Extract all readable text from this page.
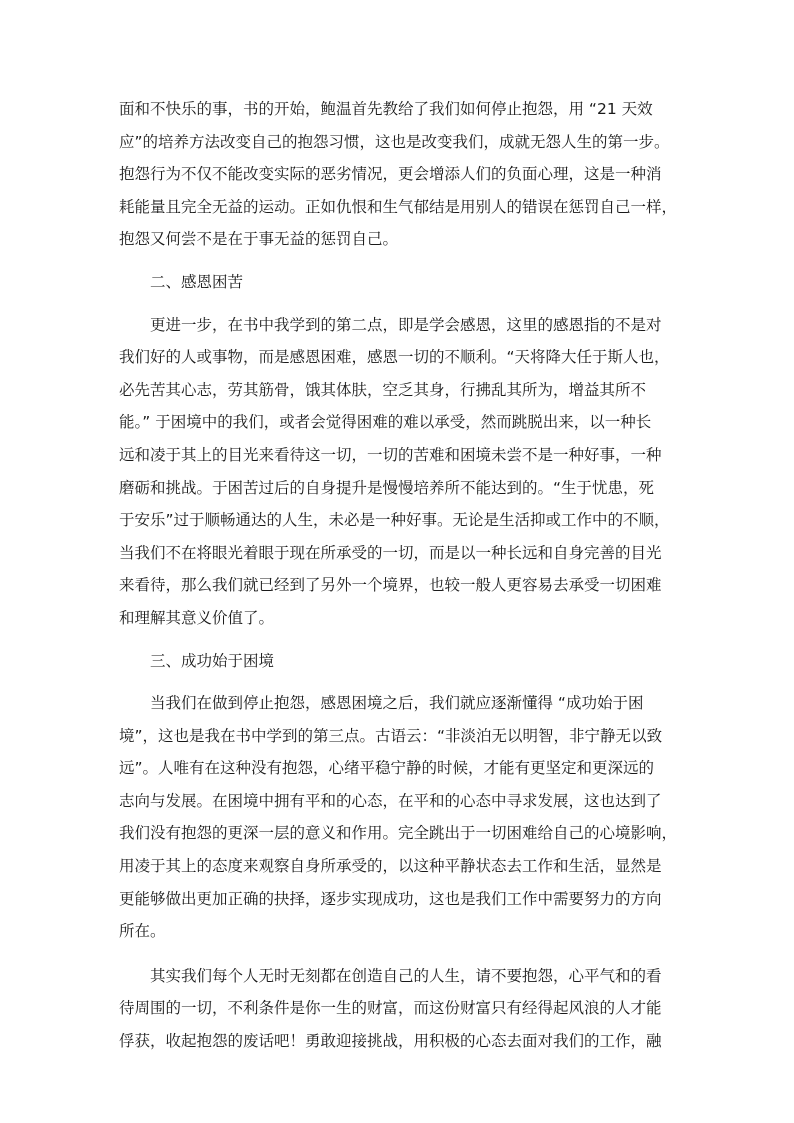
面和不快乐的事，书的开始，鲍温首先教给了我们如何停止抱怨，用 “21 天效
应”的培养方法改变自己的抱怨习惯，这也是改变我们，成就无怨人生的第一步。
抱怨行为不仅不能改变实际的恶劣情况，更会增添人们的负面心理，这是一种消
耗能量且完全无益的运动。正如仇恨和生气郁结是用别人的错误在惩罚自己一样，
抱怨又何尝不是在于事无益的惩罚自己。
二、感恩困苦
更进一步，在书中我学到的第二点，即是学会感恩，这里的感恩指的不是对
我们好的人或事物，而是感恩困难，感恩一切的不顺利。“天将降大任于斯人也，
必先苦其心志，劳其筋骨，饿其体肤，空乏其身，行拂乱其所为，增益其所不
能。” 于困境中的我们，或者会觉得困难的难以承受，然而跳脱出来，以一种长
远和凌于其上的目光来看待这一切，一切的苦难和困境未尝不是一种好事，一种
磨砺和挑战。于困苦过后的自身提升是慢慢培养所不能达到的。“生于忧患，死
于安乐”过于顺畅通达的人生，未必是一种好事。无论是生活抑或工作中的不顺，
当我们不在将眼光着眼于现在所承受的一切，而是以一种长远和自身完善的目光
来看待，那么我们就已经到了另外一个境界，也较一般人更容易去承受一切困难
和理解其意义价值了。
三、成功始于困境
当我们在做到停止抱怨，感恩困境之后，我们就应逐渐懂得 “成功始于困
境”，这也是我在书中学到的第三点。古语云：“非淡泊无以明智，非宁静无以致
远”。人唯有在这种没有抱怨，心绪平稳宁静的时候，才能有更坚定和更深远的
志向与发展。在困境中拥有平和的心态，在平和的心态中寻求发展，这也达到了
我们没有抱怨的更深一层的意义和作用。完全跳出于一切困难给自己的心境影响，
用凌于其上的态度来观察自身所承受的，以这种平静状态去工作和生活，显然是
更能够做出更加正确的抉择，逐步实现成功，这也是我们工作中需要努力的方向
所在。
其实我们每个人无时无刻都在创造自己的人生，请不要抱怨，心平气和的看
待周围的一切，不利条件是你一生的财富，而这份财富只有经得起风浪的人才能
俘获，收起抱怨的废话吧！勇敢迎接挑战，用积极的心态去面对我们的工作，融
